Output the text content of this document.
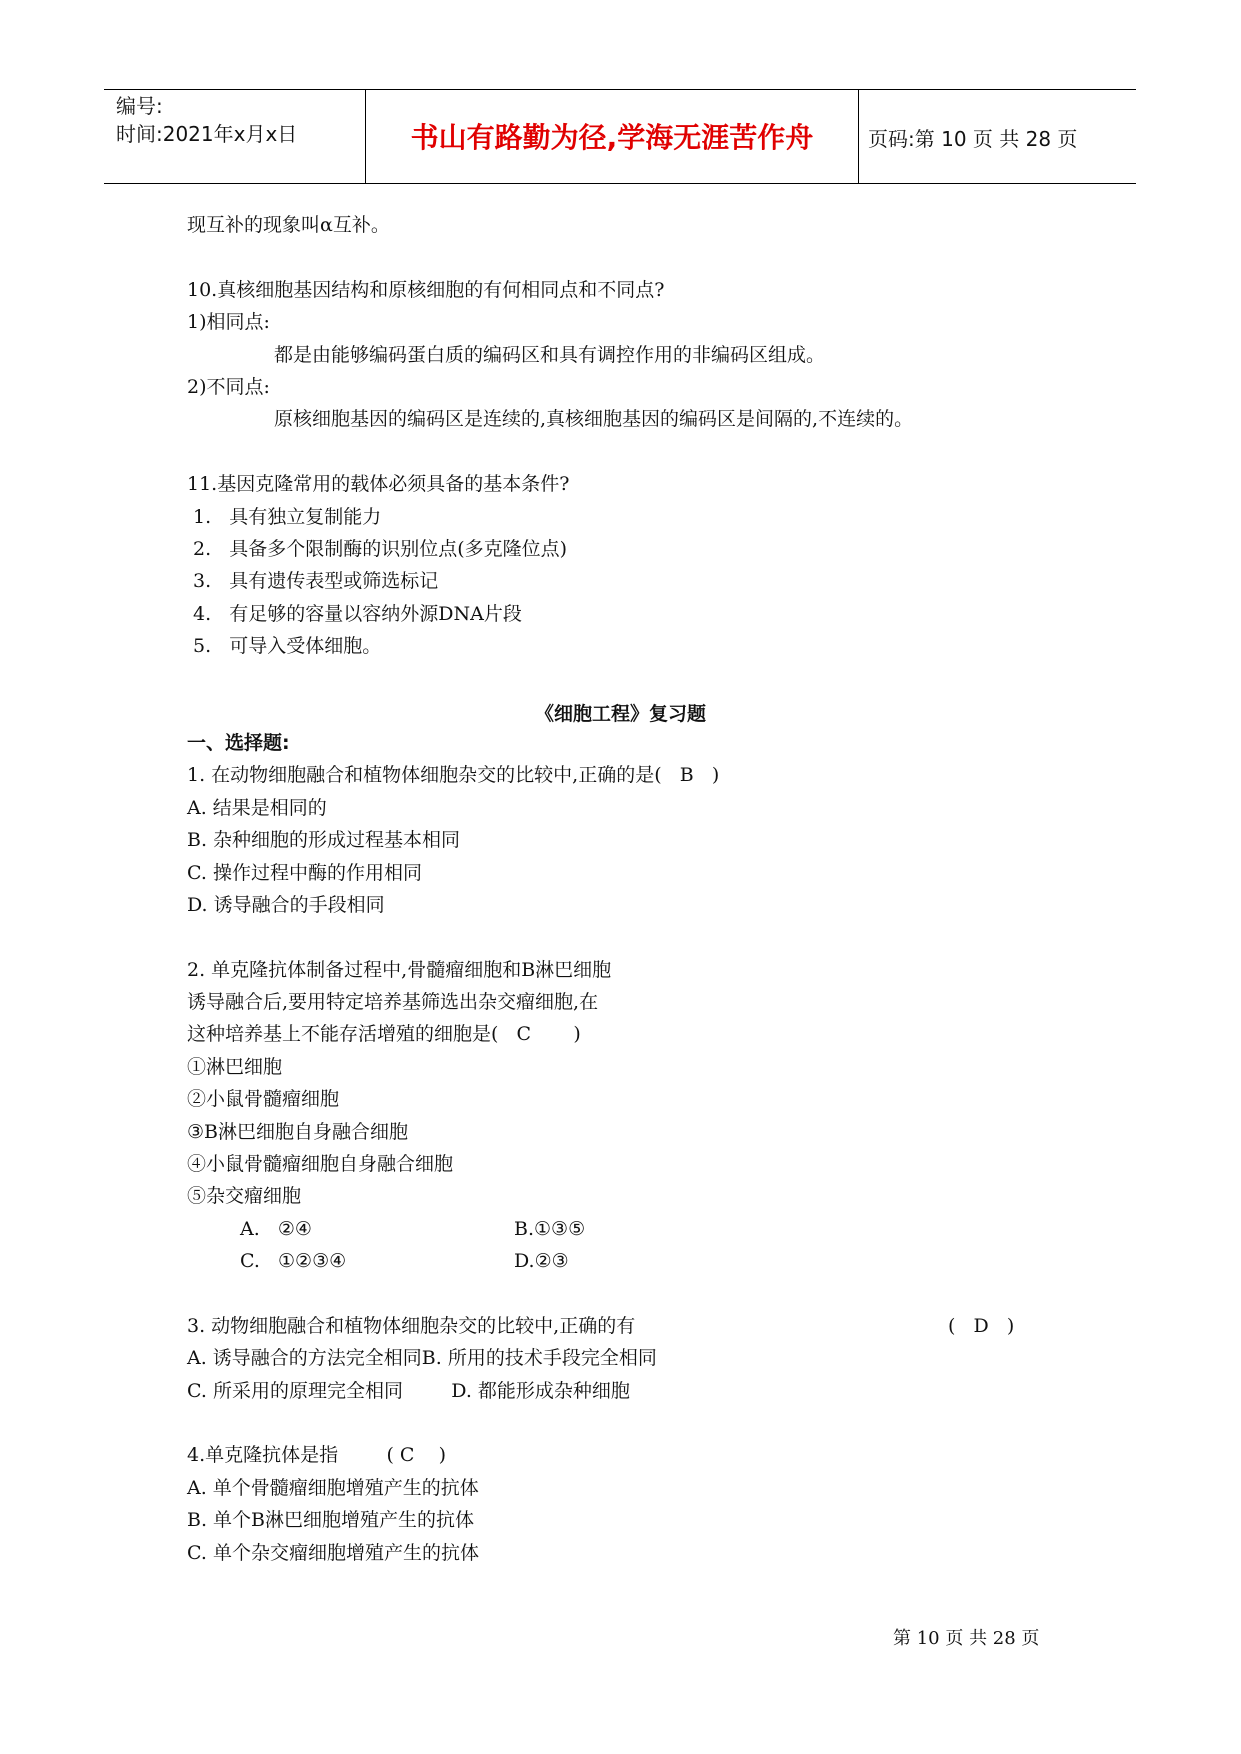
编号:
时间:2021年x月x日	书山有路勤为径,学海无涯苦作舟	页码:第 10 页 共 28 页
现互补的现象叫α互补。
10.真核细胞基因结构和原核细胞的有何相同点和不同点?
1)相同点:
都是由能够编码蛋白质的编码区和具有调控作用的非编码区组成。
2)不同点:
原核细胞基因的编码区是连续的,真核细胞基因的编码区是间隔的,不连续的。
11.基因克隆常用的载体必须具备的基本条件?
1.   具有独立复制能力
2.   具备多个限制酶的识别位点(多克隆位点)
3.   具有遗传表型或筛选标记
4.   有足够的容量以容纳外源DNA片段
5.   可导入受体细胞。
《细胞工程》复习题
一、选择题:
1. 在动物细胞融合和植物体细胞杂交的比较中,正确的是(   B   )
A. 结果是相同的
B. 杂种细胞的形成过程基本相同
C. 操作过程中酶的作用相同
D. 诱导融合的手段相同
2. 单克隆抗体制备过程中,骨髓瘤细胞和B淋巴细胞
诱导融合后,要用特定培养基筛选出杂交瘤细胞,在
这种培养基上不能存活增殖的细胞是(   C       )
①淋巴细胞
②小鼠骨髓瘤细胞
③B淋巴细胞自身融合细胞
④小鼠骨髓瘤细胞自身融合细胞
⑤杂交瘤细胞
A.   ②④	B.①③⑤
C.   ①②③④	D.②③
3. 动物细胞融合和植物体细胞杂交的比较中,正确的有	(   D   )
A. 诱导融合的方法完全相同B. 所用的技术手段完全相同
C. 所采用的原理完全相同        D. 都能形成杂种细胞
4.单克隆抗体是指        ( C    )
A. 单个骨髓瘤细胞增殖产生的抗体
B. 单个B淋巴细胞增殖产生的抗体
C. 单个杂交瘤细胞增殖产生的抗体
第 10 页 共 28 页
